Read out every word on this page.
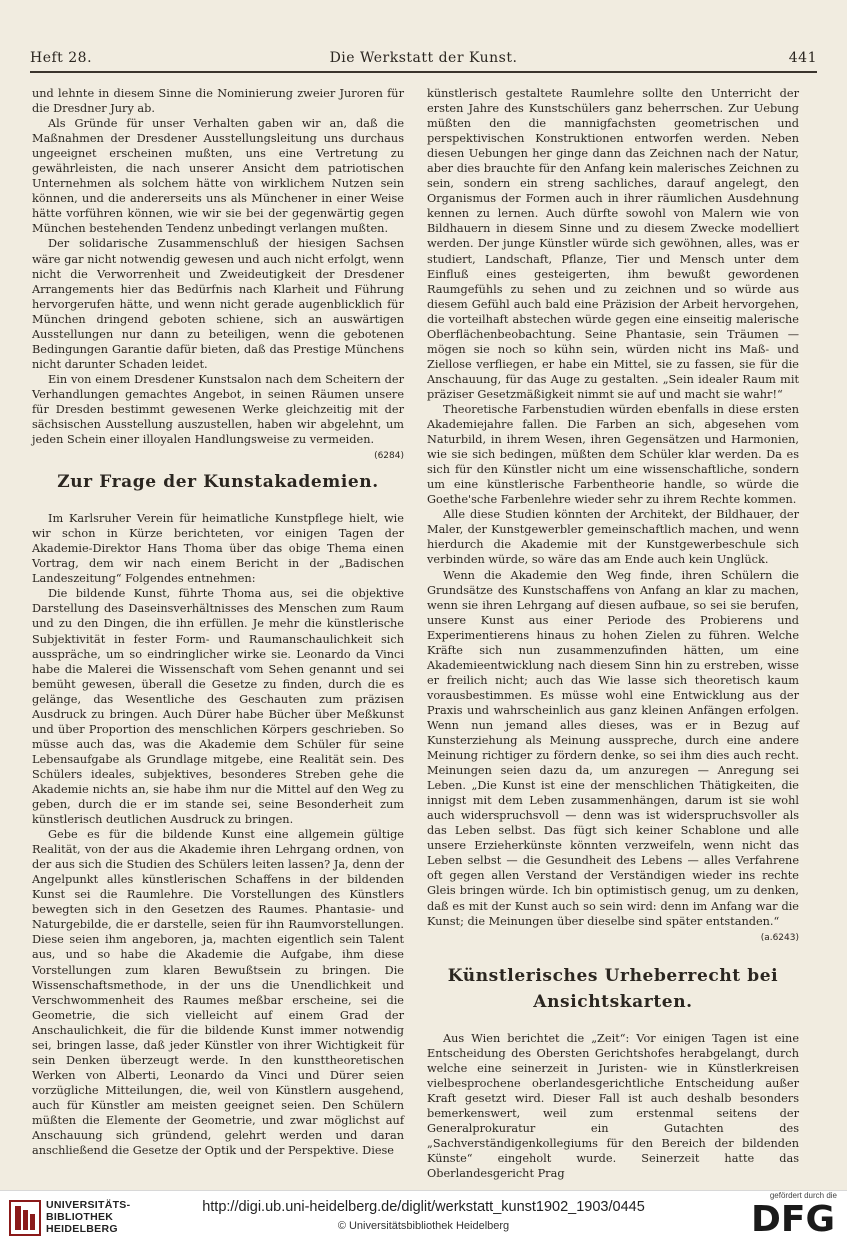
Heft 28.	Die Werkstatt der Kunst.	441

und lehnte in diesem Sinne die Nominierung zweier Juroren für die Dresdner Jury ab.

Als Gründe für unser Verhalten gaben wir an, daß die Maßnahmen der Dresdener Ausstellungsleitung uns durchaus ungeeignet erscheinen mußten, uns eine Vertretung zu gewährleisten, die nach unserer Ansicht dem patriotischen Unternehmen als solchem hätte von wirklichem Nutzen sein können, und die andererseits uns als Münchener in einer Weise hätte vorführen können, wie wir sie bei der gegenwärtig gegen München bestehenden Tendenz unbedingt verlangen mußten.

Der solidarische Zusammenschluß der hiesigen Sachsen wäre gar nicht notwendig gewesen und auch nicht erfolgt, wenn nicht die Verworrenheit und Zweideutigkeit der Dresdener Arrangements hier das Bedürfnis nach Klarheit und Führung hervorgerufen hätte, und wenn nicht gerade augenblicklich für München dringend geboten schiene, sich an auswärtigen Ausstellungen nur dann zu beteiligen, wenn die gebotenen Bedingungen Garantie dafür bieten, daß das Prestige Münchens nicht darunter Schaden leidet.

Ein von einem Dresdener Kunstsalon nach dem Scheitern der Verhandlungen gemachtes Angebot, in seinen Räumen unsere für Dresden bestimmt gewesenen Werke gleichzeitig mit der sächsischen Ausstellung auszustellen, haben wir abgelehnt, um jeden Schein einer illoyalen Handlungsweise zu vermeiden.
(6284)

Zur Frage der Kunstakademien.

Im Karlsruher Verein für heimatliche Kunstpflege hielt, wie wir schon in Kürze berichteten, vor einigen Tagen der Akademie-Direktor Hans Thoma über das obige Thema einen Vortrag, dem wir nach einem Bericht in der „Badischen Landeszeitung“ Folgendes entnehmen:

Die bildende Kunst, führte Thoma aus, sei die objektive Darstellung des Daseinsverhältnisses des Menschen zum Raum und zu den Dingen, die ihn erfüllen. Je mehr die künstlerische Subjektivität in fester Form- und Raumanschaulichkeit sich ausspräche, um so eindringlicher wirke sie. Leonardo da Vinci habe die Malerei die Wissenschaft vom Sehen genannt und sei bemüht gewesen, überall die Gesetze zu finden, durch die es gelänge, das Wesentliche des Geschauten zum präzisen Ausdruck zu bringen. Auch Dürer habe Bücher über Meßkunst und über Proportion des menschlichen Körpers geschrieben. So müsse auch das, was die Akademie dem Schüler für seine Lebensaufgabe als Grundlage mitgebe, eine Realität sein. Des Schülers ideales, subjektives, besonderes Streben gehe die Akademie nichts an, sie habe ihm nur die Mittel auf den Weg zu geben, durch die er im stande sei, seine Besonderheit zum künstlerisch deutlichen Ausdruck zu bringen.

Gebe es für die bildende Kunst eine allgemein gültige Realität, von der aus die Akademie ihren Lehrgang ordnen, von der aus sich die Studien des Schülers leiten lassen? Ja, denn der Angelpunkt alles künstlerischen Schaffens in der bildenden Kunst sei die Raumlehre. Die Vorstellungen des Künstlers bewegten sich in den Gesetzen des Raumes. Phantasie- und Naturgebilde, die er darstelle, seien für ihn Raumvorstellungen. Diese seien ihm angeboren, ja, machten eigentlich sein Talent aus, und so habe die Akademie die Aufgabe, ihm diese Vorstellungen zum klaren Bewußtsein zu bringen. Die Wissenschaftsmethode, in der uns die Unendlichkeit und Verschwommenheit des Raumes meßbar erscheine, sei die Geometrie, die sich vielleicht auf einem Grad der Anschaulichkeit, die für die bildende Kunst immer notwendig sei, bringen lasse, daß jeder Künstler von ihrer Wichtigkeit für sein Denken überzeugt werde. In den kunsttheoretischen Werken von Alberti, Leonardo da Vinci und Dürer seien vorzügliche Mitteilungen, die, weil von Künstlern ausgehend, auch für Künstler am meisten geeignet seien. Den Schülern müßten die Elemente der Geometrie, und zwar möglichst auf Anschauung sich gründend, gelehrt werden und daran anschließend die Gesetze der Optik und der Perspektive. Diese

künstlerisch gestaltete Raumlehre sollte den Unterricht der ersten Jahre des Kunstschülers ganz beherrschen. Zur Uebung müßten den die mannigfachsten geometrischen und perspektivischen Konstruktionen entworfen werden. Neben diesen Uebungen her ginge dann das Zeichnen nach der Natur, aber dies brauchte für den Anfang kein malerisches Zeichnen zu sein, sondern ein streng sachliches, darauf angelegt, den Organismus der Formen auch in ihrer räumlichen Ausdehnung kennen zu lernen. Auch dürfte sowohl von Malern wie von Bildhauern in diesem Sinne und zu diesem Zwecke modelliert werden. Der junge Künstler würde sich gewöhnen, alles, was er studiert, Landschaft, Pflanze, Tier und Mensch unter dem Einfluß eines gesteigerten, ihm bewußt gewordenen Raumgefühls zu sehen und zu zeichnen und so würde aus diesem Gefühl auch bald eine Präzision der Arbeit hervorgehen, die vorteilhaft abstechen würde gegen eine einseitig malerische Oberflächenbeobachtung. Seine Phantasie, sein Träumen — mögen sie noch so kühn sein, würden nicht ins Maß- und Ziellose verfliegen, er habe ein Mittel, sie zu fassen, sie für die Anschauung, für das Auge zu gestalten. „Sein idealer Raum mit präziser Gesetzmäßigkeit nimmt sie auf und macht sie wahr!“

Theoretische Farbenstudien würden ebenfalls in diese ersten Akademiejahre fallen. Die Farben an sich, abgesehen vom Naturbild, in ihrem Wesen, ihren Gegensätzen und Harmonien, wie sie sich bedingen, müßten dem Schüler klar werden. Da es sich für den Künstler nicht um eine wissenschaftliche, sondern um eine künstlerische Farbentheorie handle, so würde die Goethe'sche Farbenlehre wieder sehr zu ihrem Rechte kommen.

Alle diese Studien könnten der Architekt, der Bildhauer, der Maler, der Kunstgewerbler gemeinschaftlich machen, und wenn hierdurch die Akademie mit der Kunstgewerbeschule sich verbinden würde, so wäre das am Ende auch kein Unglück.

Wenn die Akademie den Weg finde, ihren Schülern die Grundsätze des Kunstschaffens von Anfang an klar zu machen, wenn sie ihren Lehrgang auf diesen aufbaue, so sei sie berufen, unsere Kunst aus einer Periode des Probierens und Experimentierens hinaus zu hohen Zielen zu führen. Welche Kräfte sich nun zusammenzufinden hätten, um eine Akademieentwicklung nach diesem Sinn hin zu erstreben, wisse er freilich nicht; auch das Wie lasse sich theoretisch kaum vorausbestimmen. Es müsse wohl eine Entwicklung aus der Praxis und wahrscheinlich aus ganz kleinen Anfängen erfolgen. Wenn nun jemand alles dieses, was er in Bezug auf Kunsterziehung als Meinung ausspreche, durch eine andere Meinung richtiger zu fördern denke, so sei ihm dies auch recht. Meinungen seien dazu da, um anzuregen — Anregung sei Leben. „Die Kunst ist eine der menschlichen Thätigkeiten, die innigst mit dem Leben zusammenhängen, darum ist sie wohl auch widerspruchsvoll — denn was ist widerspruchsvoller als das Leben selbst. Das fügt sich keiner Schablone und alle unsere Erzieherkünste könnten verzweifeln, wenn nicht das Leben selbst — die Gesundheit des Lebens — alles Verfahrene oft gegen allen Verstand der Verständigen wieder ins rechte Gleis bringen würde. Ich bin optimistisch genug, um zu denken, daß es mit der Kunst auch so sein wird: denn im Anfang war die Kunst; die Meinungen über dieselbe sind später entstanden.“
(a.6243)

Künstlerisches Urheberrecht bei
Ansichtskarten.

Aus Wien berichtet die „Zeit“: Vor einigen Tagen ist eine Entscheidung des Obersten Gerichtshofes herabgelangt, durch welche eine seinerzeit in Juristen- wie in Künstlerkreisen vielbesprochene oberlandesgerichtliche Entscheidung außer Kraft gesetzt wird. Dieser Fall ist auch deshalb besonders bemerkenswert, weil zum erstenmal seitens der Generalprokuratur ein Gutachten des „Sachverständigenkollegiums für den Bereich der bildenden Künste“ eingeholt wurde. Seinerzeit hatte das Oberlandesgericht Prag

UNIVERSITÄTS-
BIBLIOTHEK
HEIDELBERG
http://digi.ub.uni-heidelberg.de/diglit/werkstatt_kunst1902_1903/0445
© Universitätsbibliothek Heidelberg
gefördert durch die
DFG
